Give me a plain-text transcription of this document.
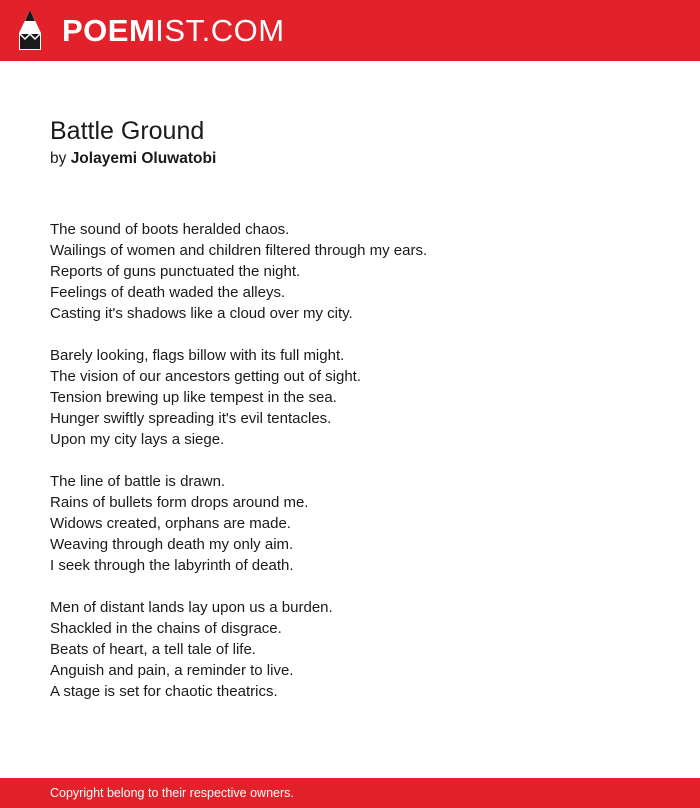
POEMIST.COM
Battle Ground
by Jolayemi Oluwatobi
The sound of boots heralded chaos.
Wailings of women and children filtered through my ears.
Reports of guns punctuated the night.
Feelings of death waded the alleys.
Casting it's shadows like a cloud over my city.
Barely looking, flags billow with its full might.
The vision of our ancestors getting out of sight.
Tension brewing up like tempest in the sea.
Hunger swiftly spreading it's evil tentacles.
Upon my city lays a siege.
The line of battle is drawn.
Rains of bullets form drops around me.
Widows created, orphans are made.
Weaving through death my only aim.
I seek through the labyrinth of death.
Men of distant lands lay upon us a burden.
Shackled in the chains of disgrace.
Beats of heart, a tell tale of life.
Anguish and pain, a reminder to live.
A stage is set for chaotic theatrics.
Copyright belong to their respective owners.
